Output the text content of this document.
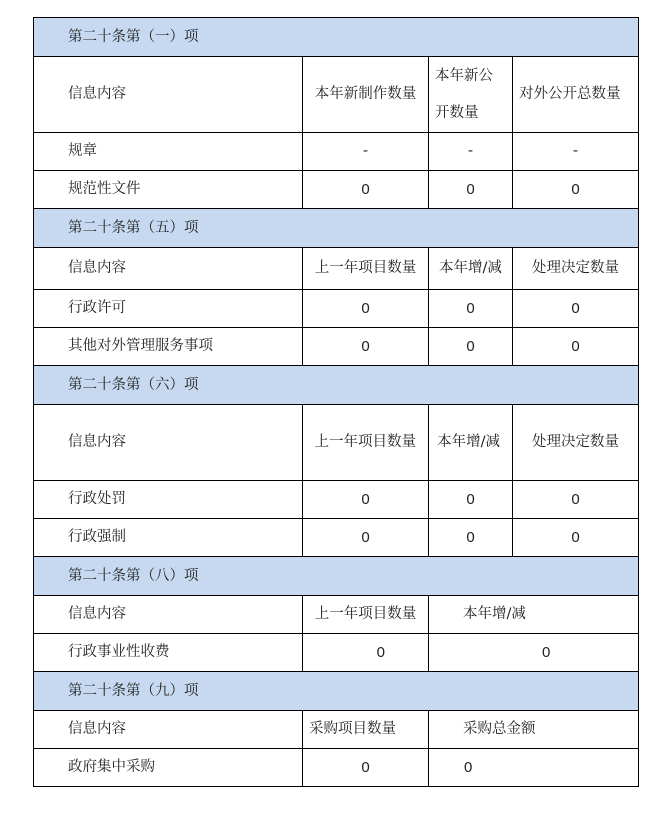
第二十条第（一）项			
信息内容	本年新制作数量	本年新公开数量	对外公开总数量
规章	-	-	-
规范性文件	0	0	0
第二十条第（五）项			
信息内容	上一年项目数量	本年增/减	处理决定数量
行政许可	0	0	0
其他对外管理服务事项	0	0	0
第二十条第（六）项			
信息内容	上一年项目数量	本年增/减	处理决定数量
行政处罚	0	0	0
行政强制	0	0	0
第二十条第（八）项			
信息内容	上一年项目数量	本年增/减	
行政事业性收费	0	0	
第二十条第（九）项			
信息内容	采购项目数量	采购总金额	
政府集中采购	0	0	
